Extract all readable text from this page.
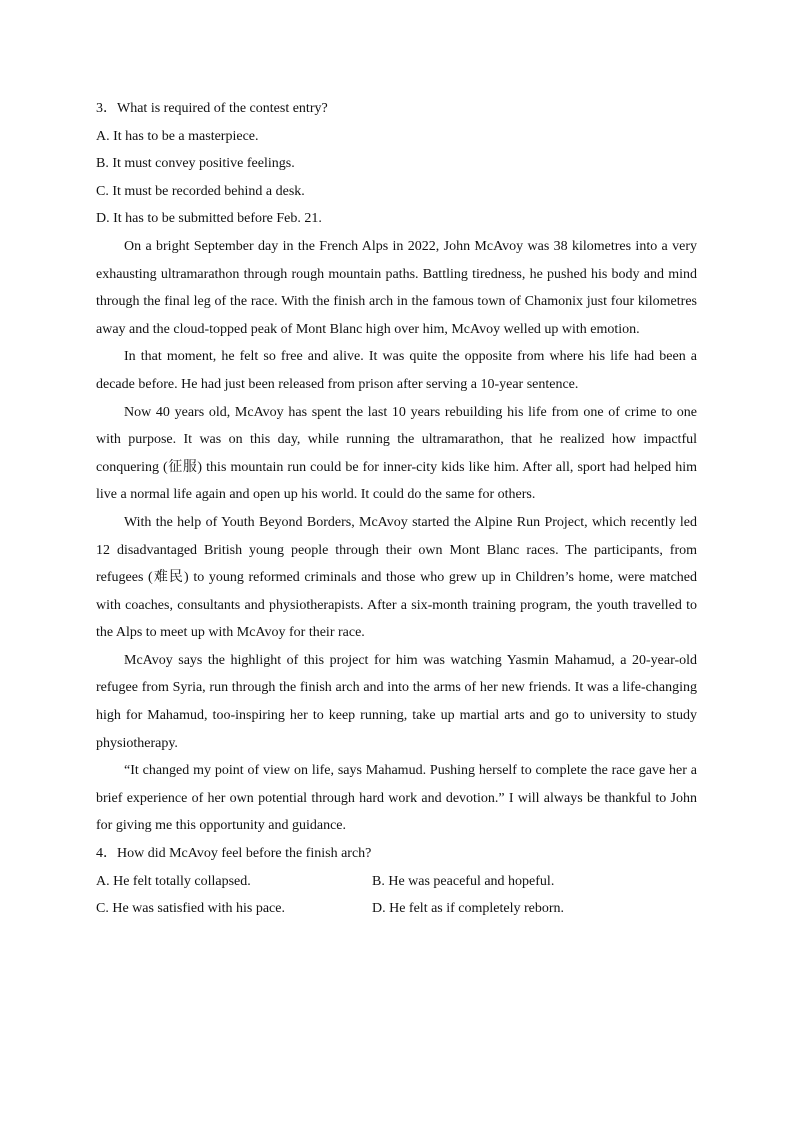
3．What is required of the contest entry?

A. It has to be a masterpiece.

B. It must convey positive feelings.

C. It must be recorded behind a desk.

D. It has to be submitted before Feb. 21.

On a bright September day in the French Alps in 2022, John McAvoy was 38 kilometres into a very exhausting ultramarathon through rough mountain paths. Battling tiredness, he pushed his body and mind through the final leg of the race. With the finish arch in the famous town of Chamonix just four kilometres away and the cloud-topped peak of Mont Blanc high over him, McAvoy welled up with emotion.

In that moment, he felt so free and alive. It was quite the opposite from where his life had been a decade before. He had just been released from prison after serving a 10-year sentence.

Now 40 years old, McAvoy has spent the last 10 years rebuilding his life from one of crime to one with purpose. It was on this day, while running the ultramarathon, that he realized how impactful conquering (征服) this mountain run could be for inner-city kids like him. After all, sport had helped him live a normal life again and open up his world. It could do the same for others.

With the help of Youth Beyond Borders, McAvoy started the Alpine Run Project, which recently led 12 disadvantaged British young people through their own Mont Blanc races. The participants, from refugees (难民) to young reformed criminals and those who grew up in Children’s home, were matched with coaches, consultants and physiotherapists. After a six-month training program, the youth travelled to the Alps to meet up with McAvoy for their race.

McAvoy says the highlight of this project for him was watching Yasmin Mahamud, a 20-year-old refugee from Syria, run through the finish arch and into the arms of her new friends. It was a life-changing high for Mahamud, too-inspiring her to keep running, take up martial arts and go to university to study physiotherapy.

“It changed my point of view on life, says Mahamud. Pushing herself to complete the race gave her a brief experience of her own potential through hard work and devotion.” I will always be thankful to John for giving me this opportunity and guidance.

4．How did McAvoy feel before the finish arch?

A. He felt totally collapsed.	B. He was peaceful and hopeful.
C. He was satisfied with his pace.	D. He felt as if completely reborn.
